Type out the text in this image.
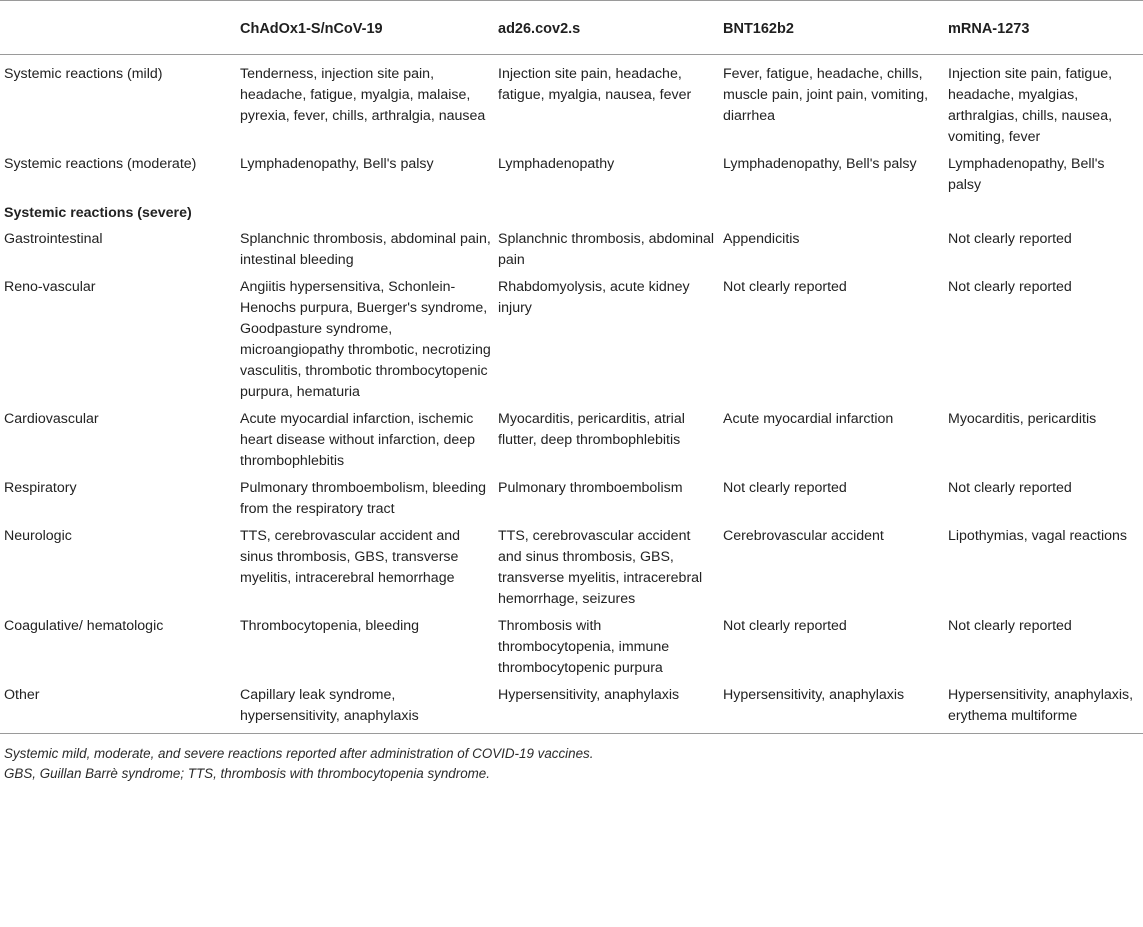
	ChAdOx1-S/nCoV-19	ad26.cov2.s	BNT162b2	mRNA-1273
Systemic reactions (mild)	Tenderness, injection site pain, headache, fatigue, myalgia, malaise, pyrexia, fever, chills, arthralgia, nausea	Injection site pain, headache, fatigue, myalgia, nausea, fever	Fever, fatigue, headache, chills, muscle pain, joint pain, vomiting, diarrhea	Injection site pain, fatigue, headache, myalgias, arthralgias, chills, nausea, vomiting, fever
Systemic reactions (moderate)	Lymphadenopathy, Bell's palsy	Lymphadenopathy	Lymphadenopathy, Bell's palsy	Lymphadenopathy, Bell's palsy
Systemic reactions (severe)				
Gastrointestinal	Splanchnic thrombosis, abdominal pain, intestinal bleeding	Splanchnic thrombosis, abdominal pain	Appendicitis	Not clearly reported
Reno-vascular	Angiitis hypersensitiva, Schonlein-Henochs purpura, Buerger's syndrome, Goodpasture syndrome, microangiopathy thrombotic, necrotizing vasculitis, thrombotic thrombocytopenic purpura, hematuria	Rhabdomyolysis, acute kidney injury	Not clearly reported	Not clearly reported
Cardiovascular	Acute myocardial infarction, ischemic heart disease without infarction, deep thrombophlebitis	Myocarditis, pericarditis, atrial flutter, deep thrombophlebitis	Acute myocardial infarction	Myocarditis, pericarditis
Respiratory	Pulmonary thromboembolism, bleeding from the respiratory tract	Pulmonary thromboembolism	Not clearly reported	Not clearly reported
Neurologic	TTS, cerebrovascular accident and sinus thrombosis, GBS, transverse myelitis, intracerebral hemorrhage	TTS, cerebrovascular accident and sinus thrombosis, GBS, transverse myelitis, intracerebral hemorrhage, seizures	Cerebrovascular accident	Lipothymias, vagal reactions
Coagulative/ hematologic	Thrombocytopenia, bleeding	Thrombosis with thrombocytopenia, immune thrombocytopenic purpura	Not clearly reported	Not clearly reported
Other	Capillary leak syndrome, hypersensitivity, anaphylaxis	Hypersensitivity, anaphylaxis	Hypersensitivity, anaphylaxis	Hypersensitivity, anaphylaxis, erythema multiforme

Systemic mild, moderate, and severe reactions reported after administration of COVID-19 vaccines.

GBS, Guillan Barrè syndrome; TTS, thrombosis with thrombocytopenia syndrome.
